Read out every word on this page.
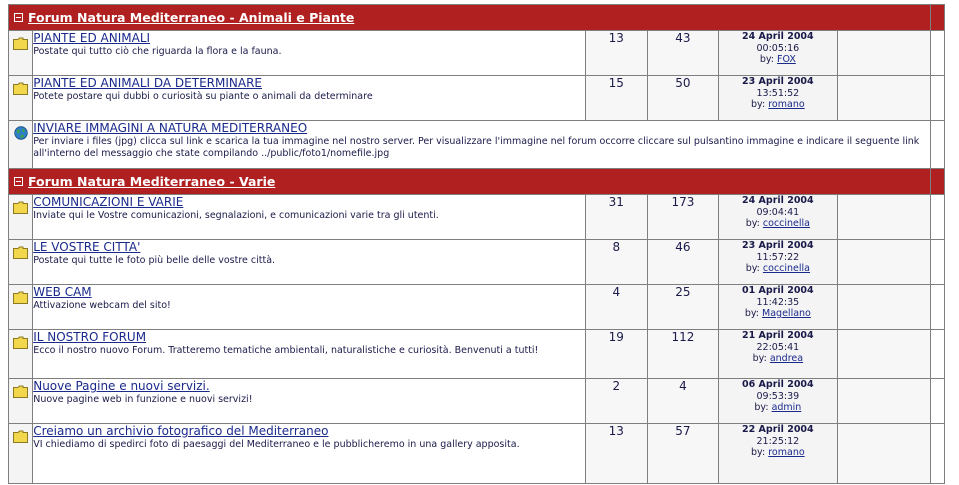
Forum Natura Mediterraneo - Animali e Piante						

PIANTE ED ANIMALI
Postate qui tutto ciò che riguarda la flora e la fauna.	13	43	24 April 2004
00:05:16
by: FOX		

PIANTE ED ANIMALI DA DETERMINARE
Potete postare qui dubbi o curiosità su piante o animali da determinare	15	50	23 April 2004
13:51:52
by: romano		

INVIARE IMMAGINI A NATURA MEDITERRANEO
Per inviare i files (jpg) clicca sul link e scarica la tua immagine nel nostro server. Per visualizzare l'immagine nel forum occorre cliccare sul pulsantino immagine e indicare il seguente link all'interno del messaggio che state compilando ../public/foto1/nomefile.jpg					

Forum Natura Mediterraneo - Varie						

COMUNICAZIONI E VARIE
Inviate qui le Vostre comunicazioni, segnalazioni, e comunicazioni varie tra gli utenti.	31	173	24 April 2004
09:04:41
by: coccinella		

LE VOSTRE CITTA'
Postate qui tutte le foto più belle delle vostre città.	8	46	23 April 2004
11:57:22
by: coccinella		

WEB CAM
Attivazione webcam del sito!	4	25	01 April 2004
11:42:35
by: Magellano		

IL NOSTRO FORUM
Ecco il nostro nuovo Forum. Tratteremo tematiche ambientali, naturalistiche e curiosità. Benvenuti a tutti!	19	112	21 April 2004
22:05:41
by: andrea		

Nuove Pagine e nuovi servizi.
Nuove pagine web in funzione e nuovi servizi!	2	4	06 April 2004
09:53:39
by: admin		

Creiamo un archivio fotografico del Mediterraneo
VI chiediamo di spedirci foto di paesaggi del Mediterraneo e le pubblicheremo in una gallery apposita.	13	57	22 April 2004
21:25:12
by: romano		
